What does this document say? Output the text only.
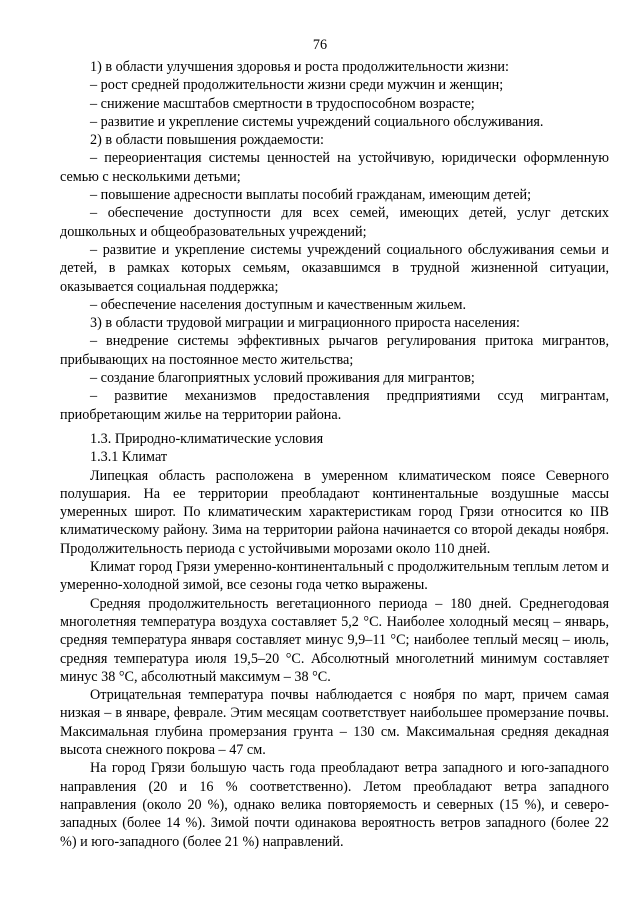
76

1) в области улучшения здоровья и роста продолжительности жизни:

– рост средней продолжительности жизни среди мужчин и женщин;

– снижение масштабов смертности в трудоспособном возрасте;

– развитие и укрепление системы учреждений социального обслуживания.

2) в области повышения рождаемости:

– переориентация системы ценностей на устойчивую, юридически оформленную семью с несколькими детьми;

– повышение адресности выплаты пособий гражданам, имеющим детей;

– обеспечение доступности для всех семей, имеющих детей, услуг детских дошкольных и общеобразовательных учреждений;

– развитие и укрепление системы учреждений социального обслуживания семьи и детей, в рамках которых семьям, оказавшимся в трудной жизненной ситуации, оказывается социальная поддержка;

– обеспечение населения доступным и качественным жильем.

3) в области трудовой миграции и миграционного прироста населения:

– внедрение системы эффективных рычагов регулирования притока мигрантов, прибывающих на постоянное место жительства;

– создание благоприятных условий проживания для мигрантов;

– развитие механизмов предоставления предприятиями ссуд мигрантам, приобретающим жилье на территории района.

1.3. Природно-климатические условия

1.3.1 Климат

Липецкая область расположена в умеренном климатическом поясе Северного полушария. На ее территории преобладают континентальные воздушные массы умеренных широт. По климатическим характеристикам город Грязи относится ко IIВ климатическому району. Зима на территории района начинается со второй декады ноября. Продолжительность периода с устойчивыми морозами около 110 дней.

Климат город Грязи умеренно-континентальный с продолжительным теплым летом и умеренно-холодной зимой, все сезоны года четко выражены.

Средняя продолжительность вегетационного периода – 180 дней. Среднегодовая многолетняя температура воздуха составляет 5,2 °С. Наиболее холодный месяц – январь, средняя температура января составляет минус 9,9–11 °С; наиболее теплый месяц – июль, средняя температура июля 19,5–20 °С. Абсолютный многолетний минимум составляет минус 38 °С, абсолютный максимум – 38 °С.

Отрицательная температура почвы наблюдается с ноября по март, причем самая низкая – в январе, феврале. Этим месяцам соответствует наибольшее промерзание почвы. Максимальная глубина промерзания грунта – 130 см. Максимальная средняя декадная высота снежного покрова – 47 см.

На город Грязи большую часть года преобладают ветра западного и юго-западного направления (20 и 16 % соответственно). Летом преобладают ветра западного направления (около 20 %), однако велика повторяемость и северных (15 %), и северо-западных (более 14 %). Зимой почти одинакова вероятность ветров западного (более 22 %) и юго-западного (более 21 %) направлений.
